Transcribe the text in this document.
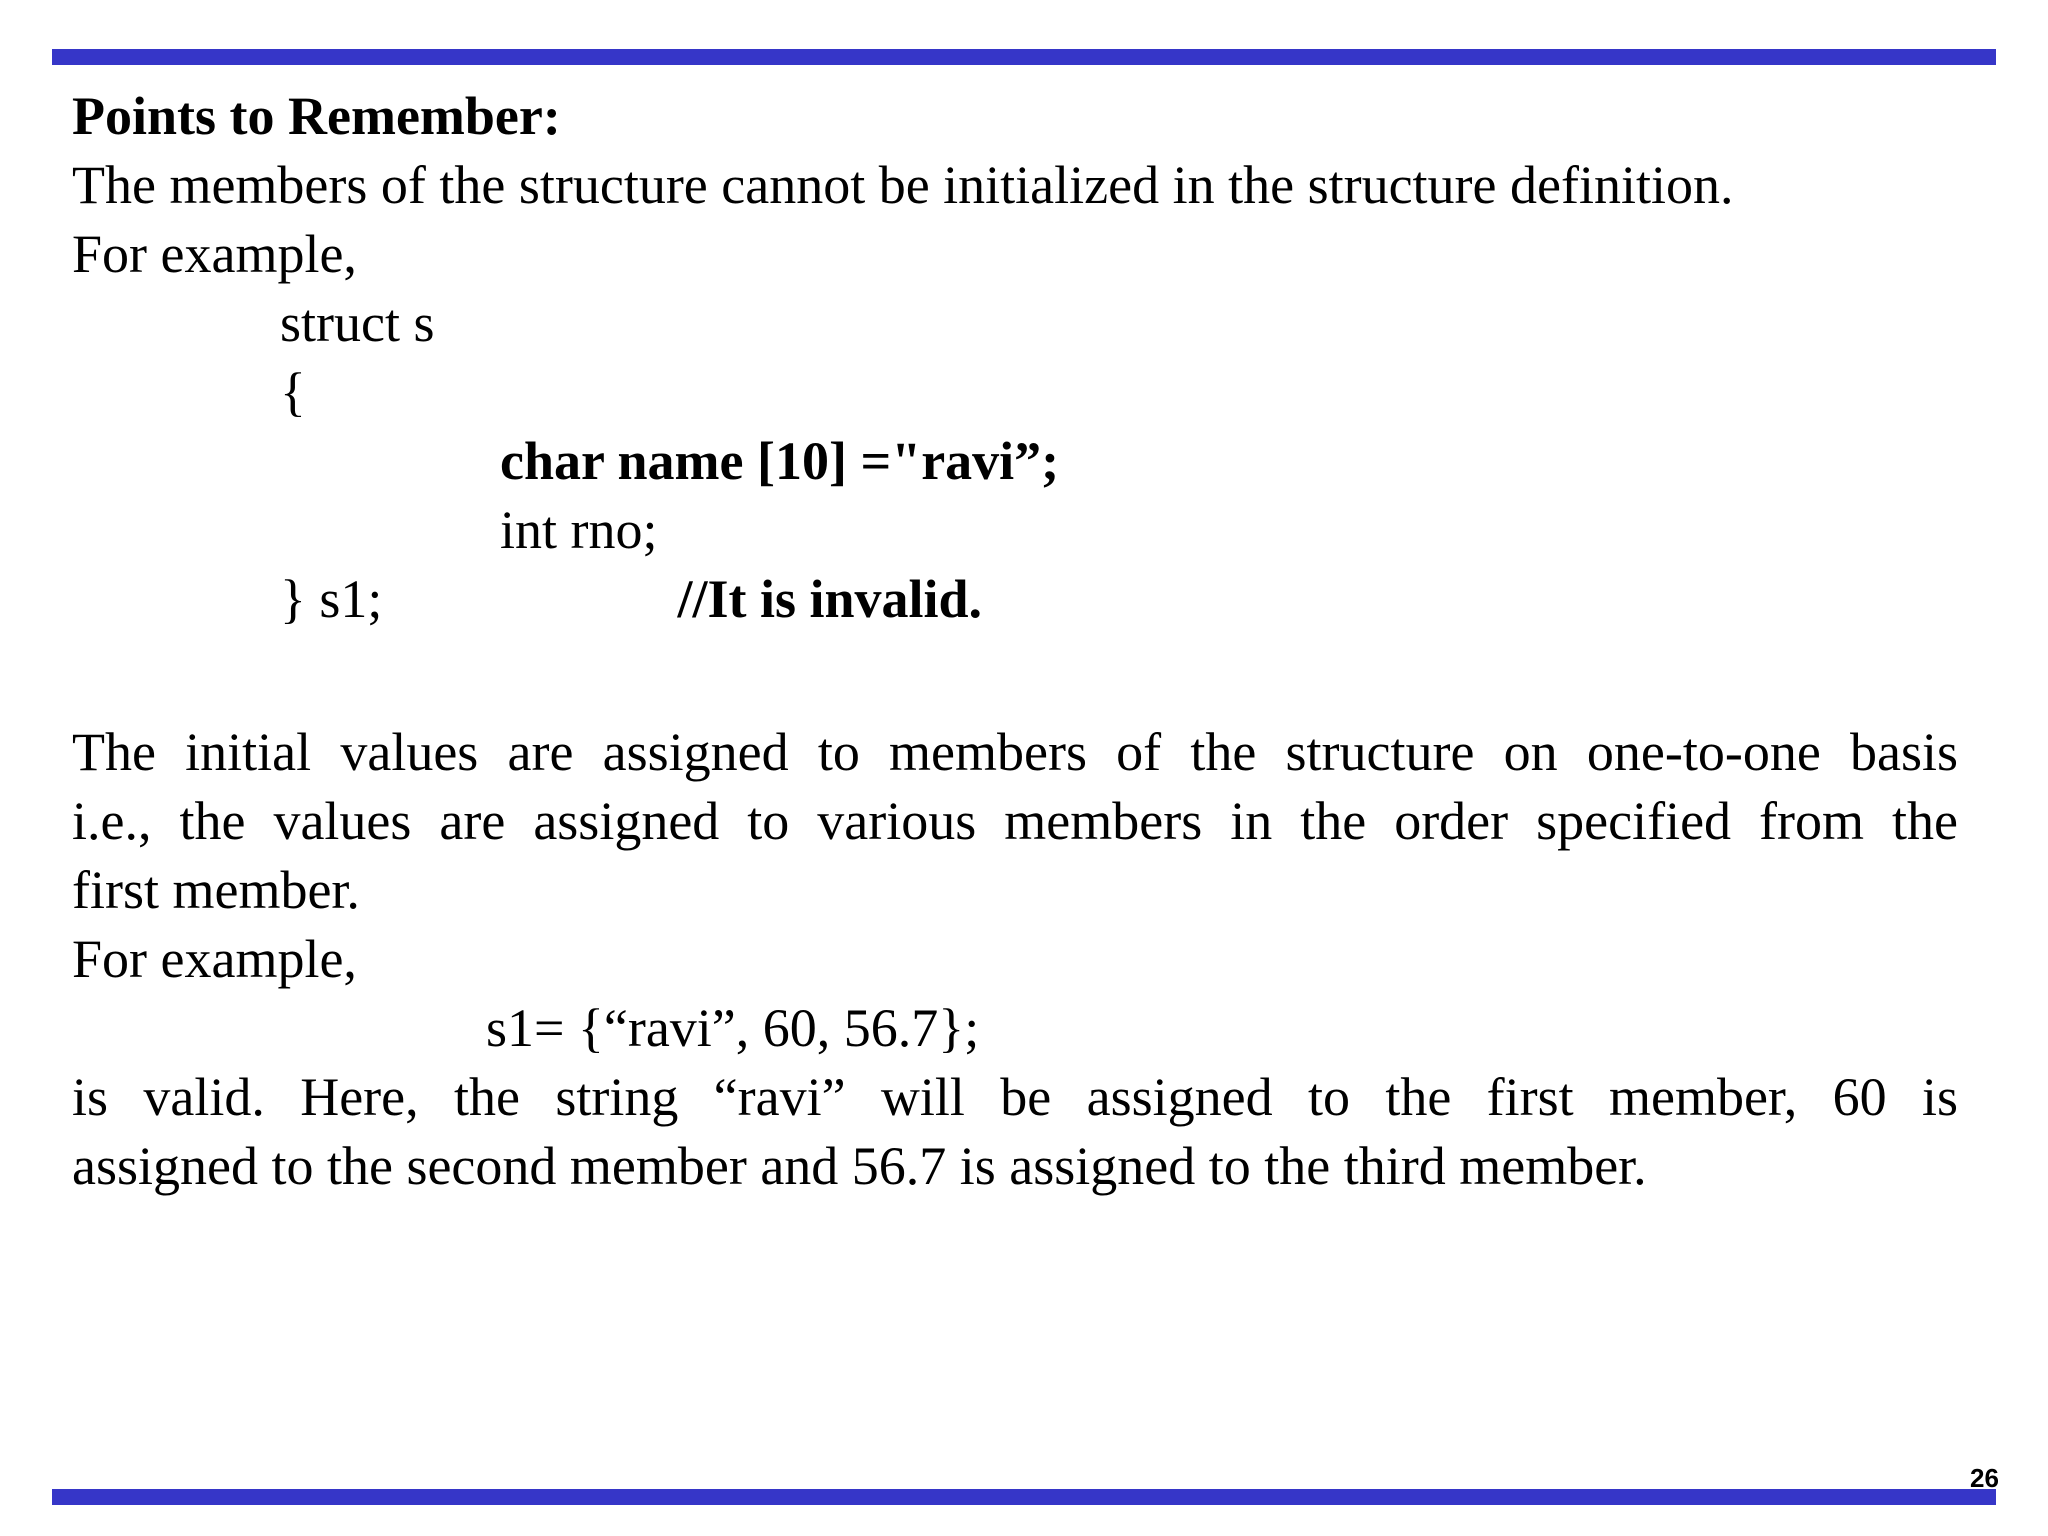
Points to Remember:
The members of the structure cannot be initialized in the structure definition.
For example,
struct s
{
char name [10] ="ravi”;
int rno;
} s1;	//It is invalid.

The initial values are assigned to members of the structure on one-to-one basis
i.e., the values are assigned to various members in the order specified from the
first member.
For example,
s1= {“ravi”, 60, 56.7};
is valid. Here, the string “ravi” will be assigned to the first member, 60 is
assigned to the second member and 56.7 is assigned to the third member.
26
